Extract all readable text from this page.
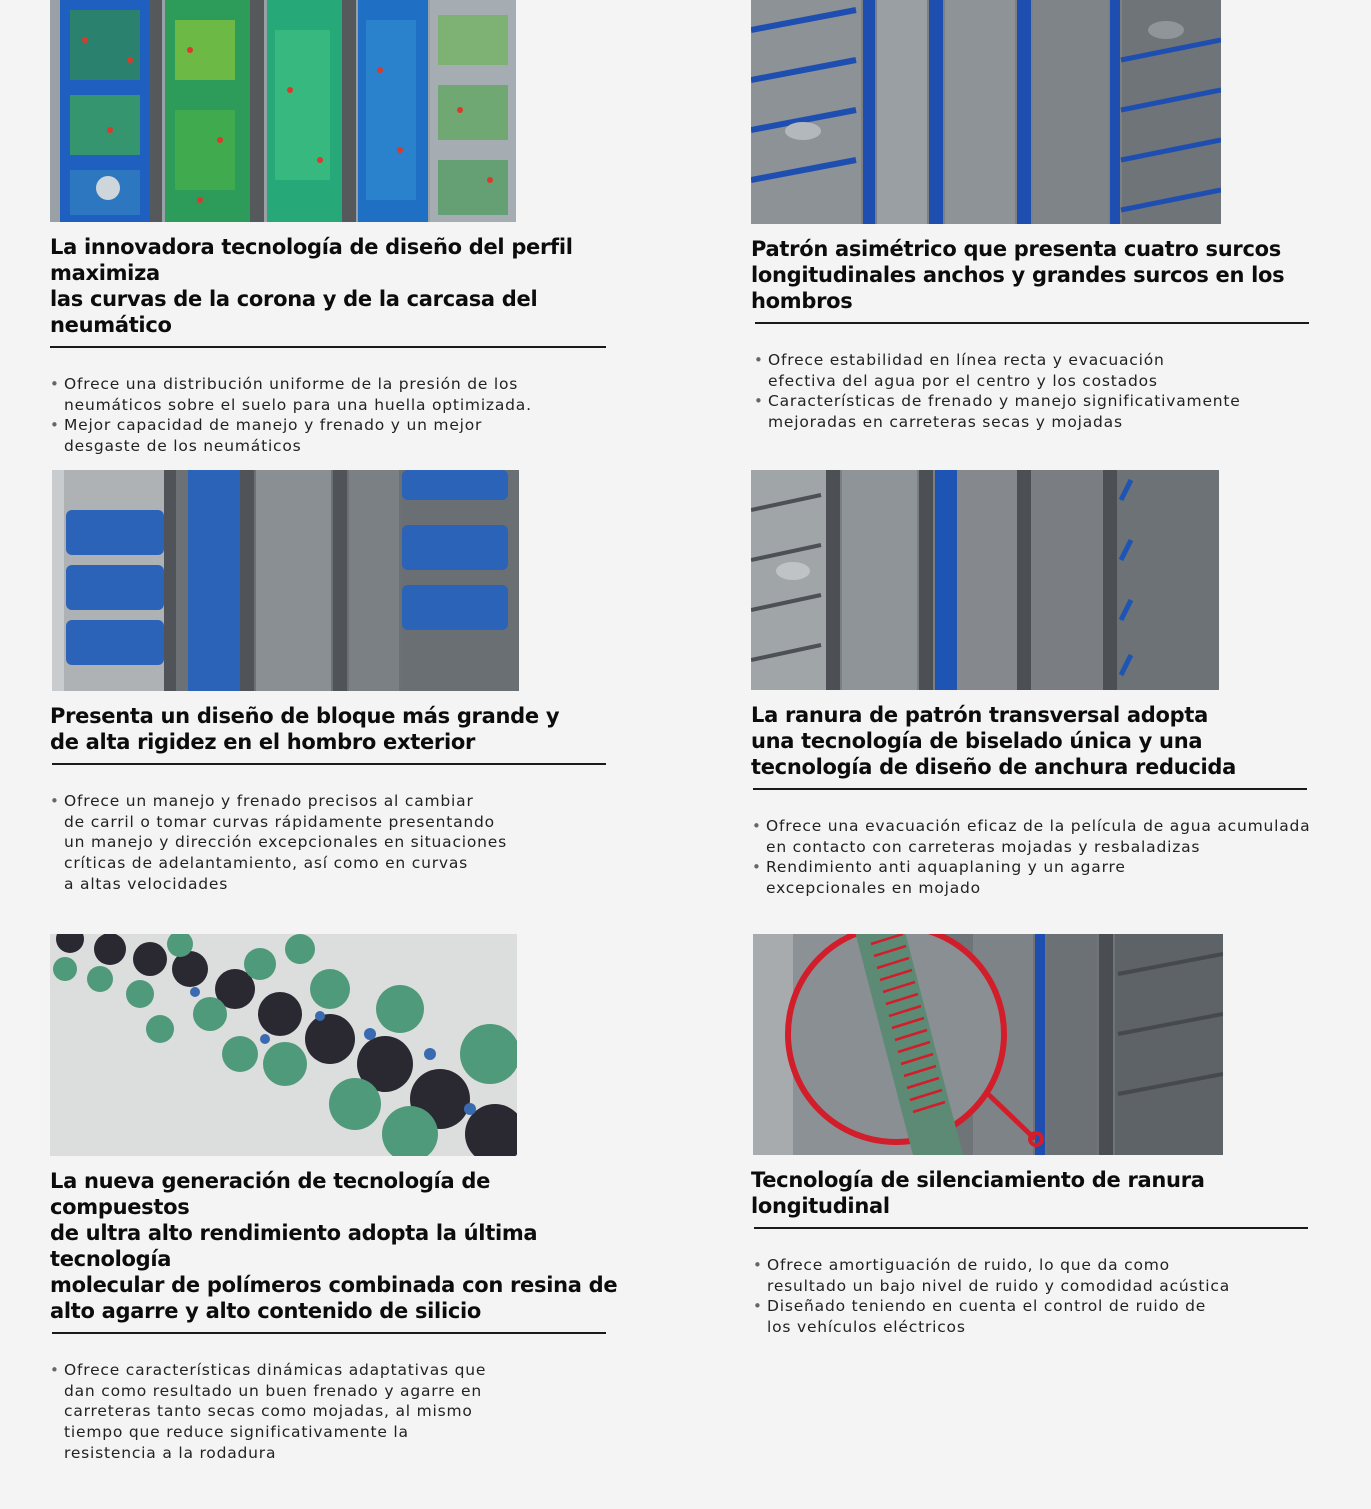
La innovadora tecnología de diseño del perfil maximiza
las curvas de la corona y de la carcasa del neumático
• Ofrece una distribución uniforme de la presión de los
neumáticos sobre el suelo para una huella optimizada.
• Mejor capacidad de manejo y frenado y un mejor
desgaste de los neumáticos
Patrón asimétrico que presenta cuatro surcos
longitudinales anchos y grandes surcos en los hombros
• Ofrece estabilidad en línea recta y evacuación
efectiva del agua por el centro y los costados
• Características de frenado y manejo significativamente
mejoradas en carreteras secas y mojadas
Presenta un diseño de bloque más grande y
de alta rigidez en el hombro exterior
• Ofrece un manejo y frenado precisos al cambiar
de carril o tomar curvas rápidamente presentando
un manejo y dirección excepcionales en situaciones
críticas de adelantamiento, así como en curvas
a altas velocidades
La ranura de patrón transversal adopta
una tecnología de biselado única y una
tecnología de diseño de anchura reducida
• Ofrece una evacuación eficaz de la película de agua acumulada
en contacto con carreteras mojadas y resbaladizas
• Rendimiento anti aquaplaning y un agarre
excepcionales en mojado
La nueva generación de tecnología de compuestos
de ultra alto rendimiento adopta la última tecnología
molecular de polímeros combinada con resina de
alto agarre y alto contenido de silicio
• Ofrece características dinámicas adaptativas que
dan como resultado un buen frenado y agarre en
carreteras tanto secas como mojadas, al mismo
tiempo que reduce significativamente la
resistencia a la rodadura
Tecnología de silenciamiento de ranura longitudinal
• Ofrece amortiguación de ruido, lo que da como
resultado un bajo nivel de ruido y comodidad acústica
• Diseñado teniendo en cuenta el control de ruido de
los vehículos eléctricos
